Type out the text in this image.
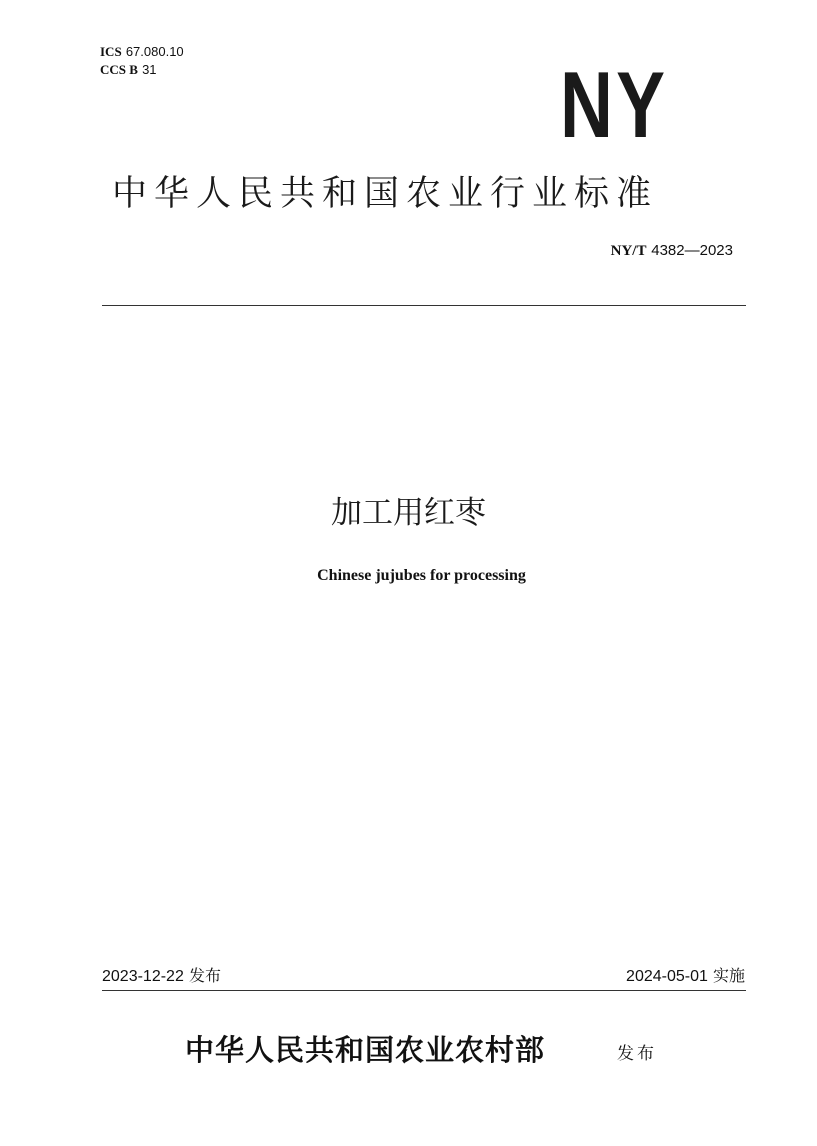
ICS 67.080.10
CCS B 31	NY
中华人民共和国农业行业标准
NY/T 4382—2023
加工用红枣
Chinese jujubes for processing
2023-12-22 发布	2024-05-01 实施
中华人民共和国农业农村部	发布
